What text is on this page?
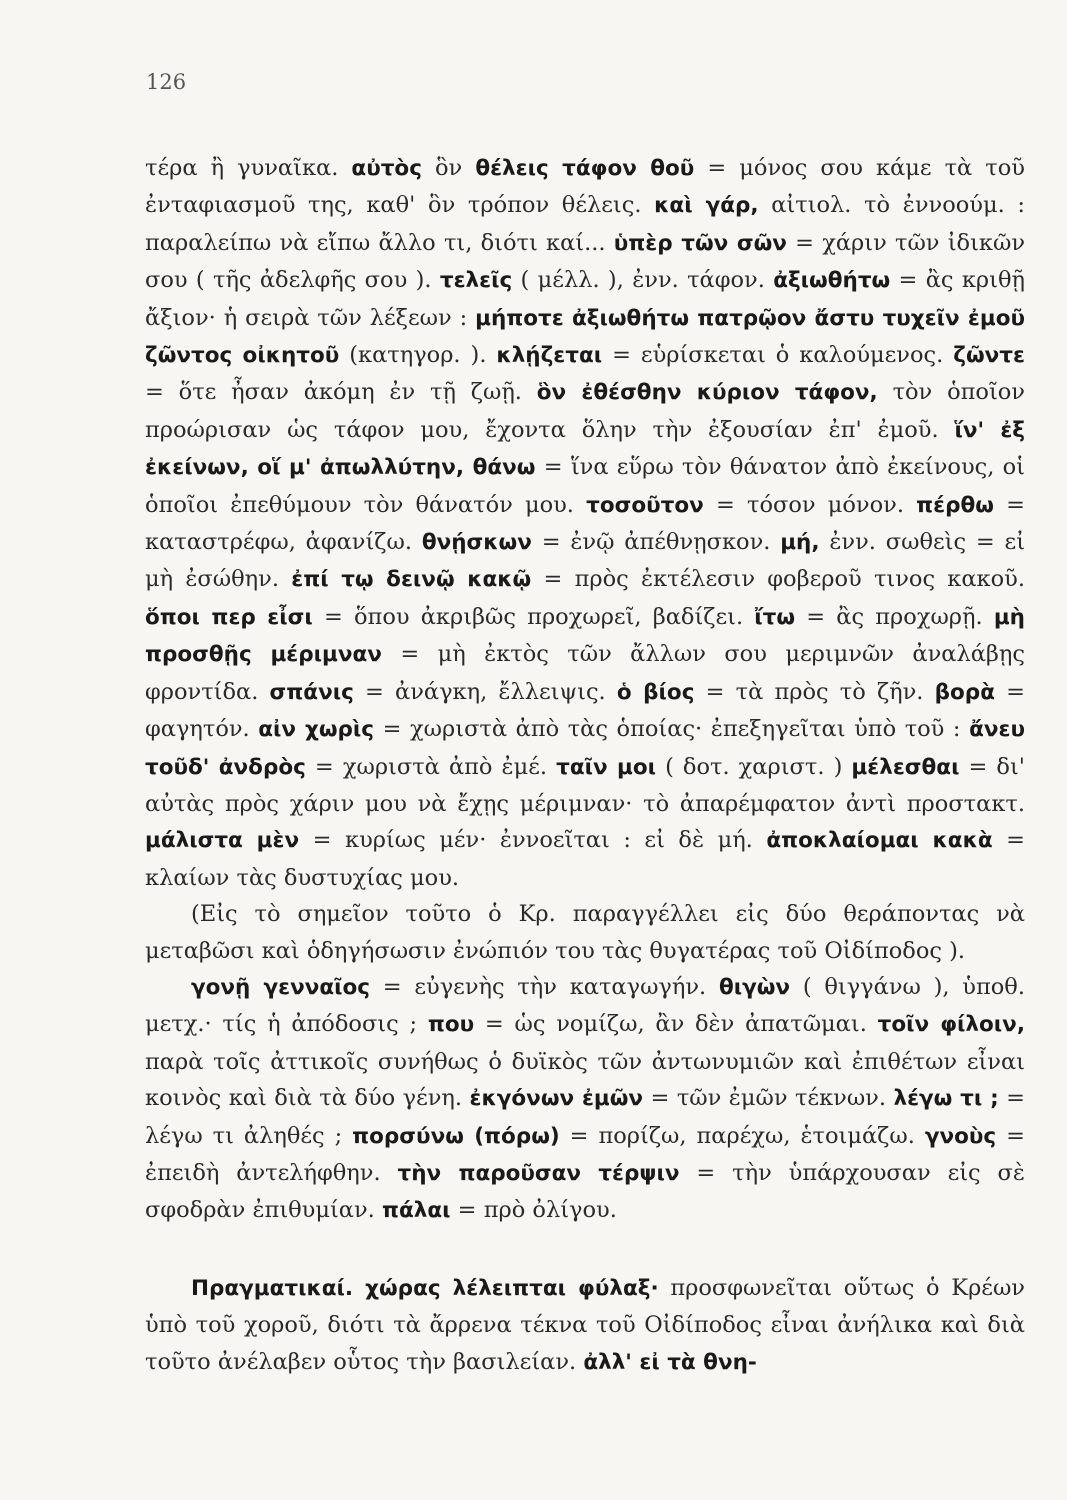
126

τέρα ἢ γυναῖκα. αὐτὸς ὃν θέλεις τάφον θοῦ = μόνος σου κάμε τὰ τοῦ ἐνταφιασμοῦ της, καθ' ὃν τρόπον θέλεις. καὶ γάρ, αἰτιολ. τὸ ἐννοούμ. : παραλείπω νὰ εἴπω ἄλλο τι, διότι καί... ὑπὲρ τῶν σῶν = χάριν τῶν ἰδικῶν σου ( τῆς ἀδελφῆς σου ). τελεῖς ( μέλλ. ), ἐνν. τάφον. ἀξιωθήτω = ἂς κριθῇ ἄξιον· ἡ σειρὰ τῶν λέξεων : μήποτε ἀξιωθήτω πατρῷον ἄστυ τυχεῖν ἐμοῦ ζῶντος οἰκητοῦ (κατηγορ. ). κλῄζεται = εὑρίσκεται ὁ καλούμενος. ζῶντε = ὅτε ἦσαν ἀκόμη ἐν τῇ ζωῇ. ὃν ἐθέσθην κύριον τάφον, τὸν ὁποῖον προώρισαν ὡς τάφον μου, ἔχοντα ὅλην τὴν ἐξουσίαν ἐπ' ἐμοῦ. ἵν' ἐξ ἐκείνων, οἵ μ' ἀπωλλύτην, θάνω = ἵνα εὕρω τὸν θάνατον ἀπὸ ἐκείνους, οἱ ὁποῖοι ἐπεθύμουν τὸν θάνατόν μου. τοσοῦτον = τόσον μόνον. πέρθω = καταστρέφω, ἀφανίζω. θνῄσκων = ἐνῷ ἀπέθνῃσκον. μή, ἐνν. σωθεὶς = εἰ μὴ ἐσώθην. ἐπί τῳ δεινῷ κακῷ = πρὸς ἐκτέλεσιν φοβεροῦ τινος κακοῦ. ὅποι περ εἶσι = ὅπου ἀκριβῶς προχωρεῖ, βαδίζει. ἴτω = ἂς προχωρῇ. μὴ προσθῇς μέριμναν = μὴ ἐκτὸς τῶν ἄλλων σου μεριμνῶν ἀναλάβῃς φροντίδα. σπάνις = ἀνάγκη, ἔλλειψις. ὁ βίος = τὰ πρὸς τὸ ζῆν. βορὰ = φαγητόν. αἰν χωρὶς = χωριστὰ ἀπὸ τὰς ὁποίας· ἐπεξηγεῖται ὑπὸ τοῦ : ἄνευ τοῦδ' ἀνδρὸς = χωριστὰ ἀπὸ ἐμέ. ταῖν μοι ( δοτ. χαριστ. ) μέλεσθαι = δι' αὐτὰς πρὸς χάριν μου νὰ ἔχῃς μέριμναν· τὸ ἀπαρέμφατον ἀντὶ προστακτ. μάλιστα μὲν = κυρίως μέν· ἐννοεῖται : εἰ δὲ μή. ἀποκλαίομαι κακὰ = κλαίων τὰς δυστυχίας μου.

(Εἰς τὸ σημεῖον τοῦτο ὁ Κρ. παραγγέλλει εἰς δύο θεράποντας νὰ μεταβῶσι καὶ ὁδηγήσωσιν ἐνώπιόν του τὰς θυγατέρας τοῦ Οἰδίποδος ).

γονῇ γενναῖος = εὐγενὴς τὴν καταγωγήν. θιγὼν ( θιγγάνω ), ὑποθ. μετχ.· τίς ἡ ἀπόδοσις ; που = ὡς νομίζω, ἂν δὲν ἀπατῶμαι. τοῖν φίλοιν, παρὰ τοῖς ἀττικοῖς συνήθως ὁ δυϊκὸς τῶν ἀντωνυμιῶν καὶ ἐπιθέτων εἶναι κοινὸς καὶ διὰ τὰ δύο γένη. ἐκγόνων ἐμῶν = τῶν ἐμῶν τέκνων. λέγω τι ; = λέγω τι ἀληθές ; πορσύνω (πόρω) = πορίζω, παρέχω, ἑτοιμάζω. γνοὺς = ἐπειδὴ ἀντελήφθην. τὴν παροῦσαν τέρψιν = τὴν ὑπάρχουσαν εἰς σὲ σφοδρὰν ἐπιθυμίαν. πάλαι = πρὸ ὀλίγου.

Πραγματικαί. χώρας λέλειπται φύλαξ· προσφωνεῖται οὕτως ὁ Κρέων ὑπὸ τοῦ χοροῦ, διότι τὰ ἄρρενα τέκνα τοῦ Οἰδίποδος εἶναι ἀνήλικα καὶ διὰ τοῦτο ἀνέλαβεν οὗτος τὴν βασιλείαν. ἀλλ' εἰ τὰ θνη-
